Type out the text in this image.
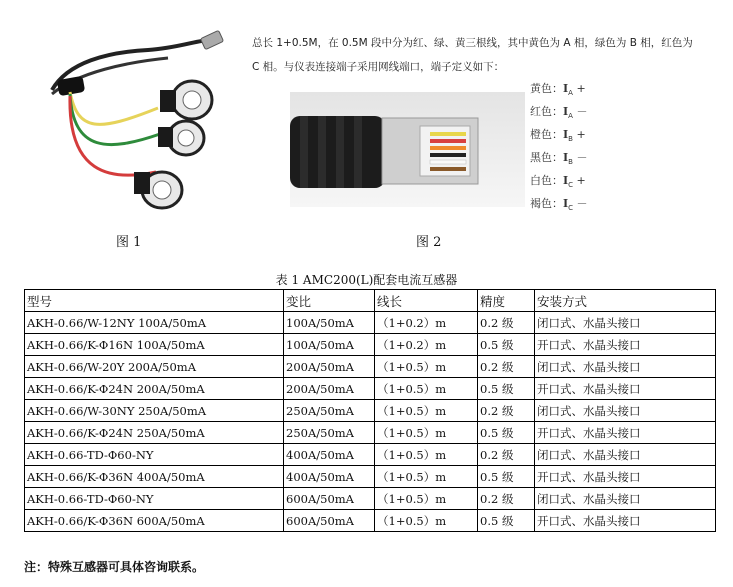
图 1
总长 1+0.5M，在 0.5M 段中分为红、绿、黄三根线，其中黄色为 A 相，绿色为 B 相，红色为
C 相。与仪表连接端子采用网线端口，端子定义如下：
黄色：$I_A$ +
红色：$I_A$ －
橙色：$I_B$ +
黑色：$I_B$ －
白色：$I_C$ +
褐色：$I_C$ －
图 2
表 1 AMC200(L)配套电流互感器
型号	变比	线长	精度	安装方式
AKH-0.66/W-12NY 100A/50mA	100A/50mA	（1+0.2）m	0.2 级	闭口式、水晶头接口
AKH-0.66/K-Φ16N 100A/50mA	100A/50mA	（1+0.2）m	0.5 级	开口式、水晶头接口
AKH-0.66/W-20Y 200A/50mA	200A/50mA	（1+0.5）m	0.2 级	闭口式、水晶头接口
AKH-0.66/K-Φ24N 200A/50mA	200A/50mA	（1+0.5）m	0.5 级	开口式、水晶头接口
AKH-0.66/W-30NY 250A/50mA	250A/50mA	（1+0.5）m	0.2 级	闭口式、水晶头接口
AKH-0.66/K-Φ24N 250A/50mA	250A/50mA	（1+0.5）m	0.5 级	开口式、水晶头接口
AKH-0.66-TD-Φ60-NY	400A/50mA	（1+0.5）m	0.2 级	闭口式、水晶头接口
AKH-0.66/K-Φ36N 400A/50mA	400A/50mA	（1+0.5）m	0.5 级	开口式、水晶头接口
AKH-0.66-TD-Φ60-NY	600A/50mA	（1+0.5）m	0.2 级	闭口式、水晶头接口
AKH-0.66/K-Φ36N 600A/50mA	600A/50mA	（1+0.5）m	0.5 级	开口式、水晶头接口
注：特殊互感器可具体咨询联系。
